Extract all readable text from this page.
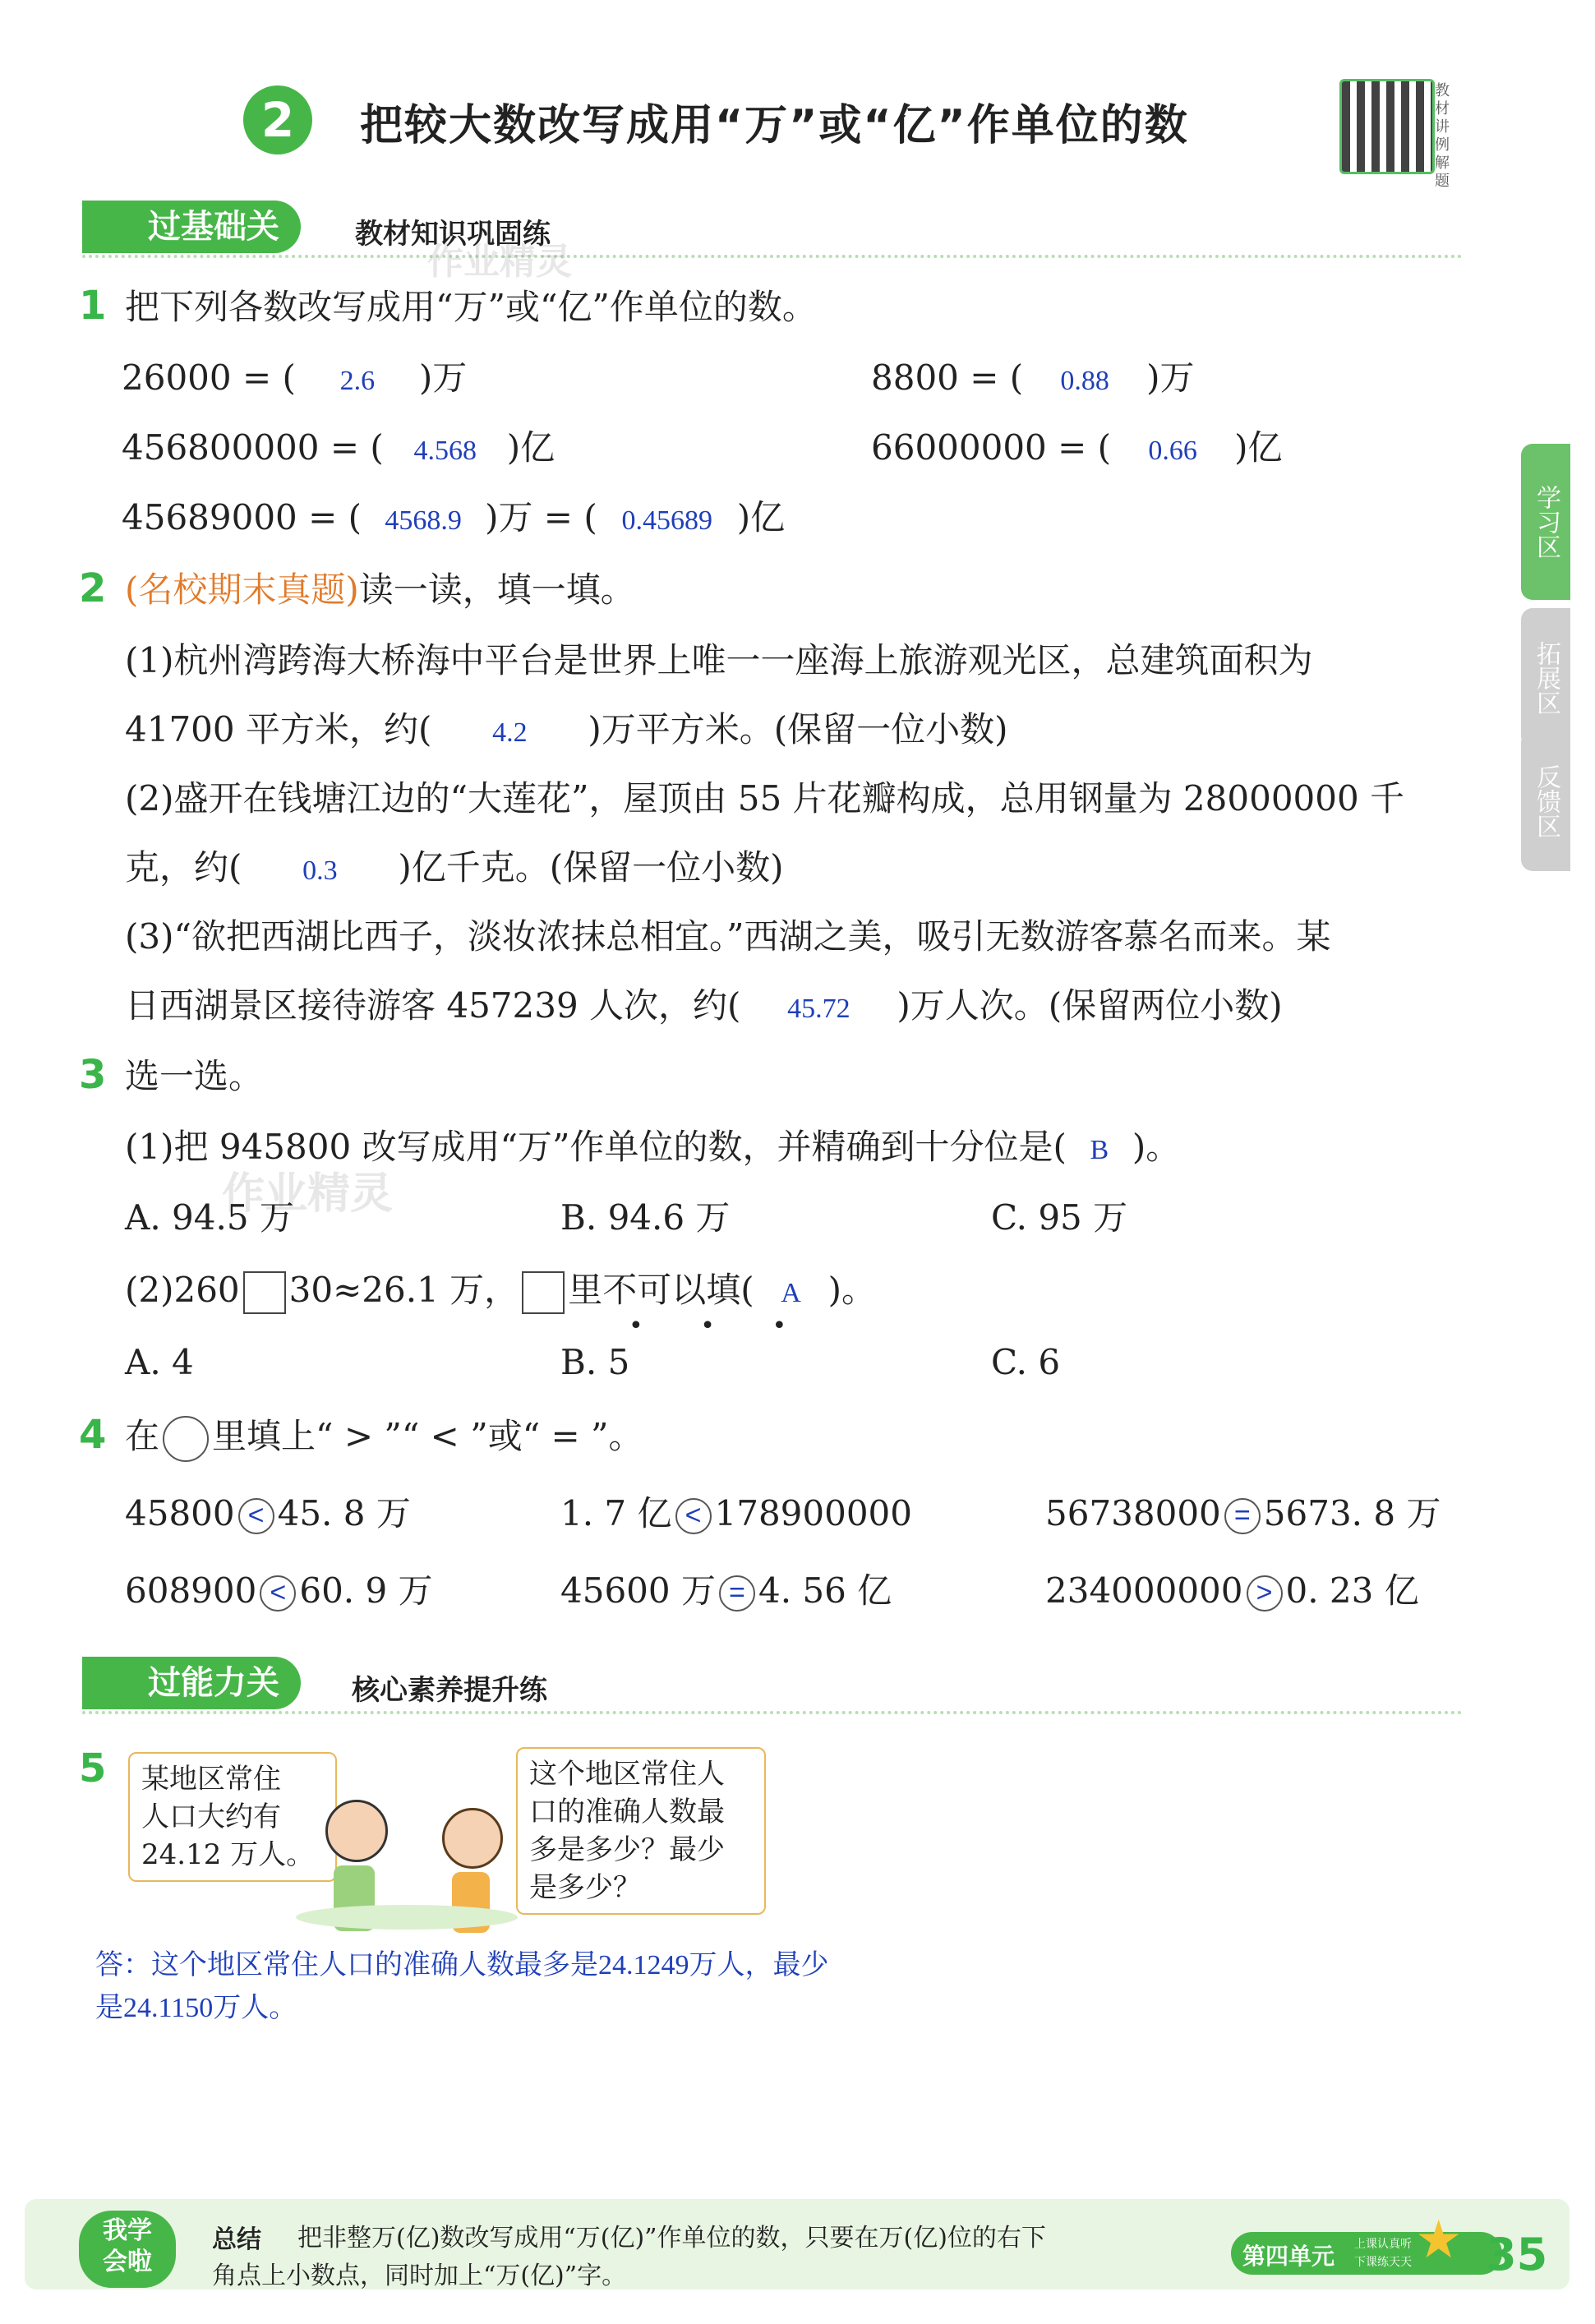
2	把较大数改写成用“万”或“亿”作单位的数
教材讲例解题
学习区
拓展区
反馈区
过基础关	教材知识巩固练
作业精灵
1 把下列各数改写成用“万”或“亿”作单位的数。
26000 = ( 2.6 )万	8800 = ( 0.88 )万
456800000 = ( 4.568 )亿	66000000 = ( 0.66 )亿
45689000 = ( 4568.9 )万 = ( 0.45689 )亿
2 (名校期末真题)读一读，填一填。
(1)杭州湾跨海大桥海中平台是世界上唯一一座海上旅游观光区，总建筑面积为
41700 平方米，约( 4.2 )万平方米。(保留一位小数)
(2)盛开在钱塘江边的“大莲花”，屋顶由 55 片花瓣构成，总用钢量为 28000000 千
克，约( 0.3 )亿千克。(保留一位小数)
(3)“欲把西湖比西子，淡妆浓抹总相宜。”西湖之美，吸引无数游客慕名而来。某
日西湖景区接待游客 457239 人次，约( 45.72 )万人次。(保留两位小数)
3 选一选。
(1)把 945800 改写成用“万”作单位的数，并精确到十分位是( B )。
作业精灵
A. 94.5 万	B. 94.6 万	C. 95 万
(2)260 30≈26.1 万， 里不可以填( A )。
• • •
A. 4	B. 5	C. 6
4 在 里填上“ > ”“ < ”或“ = ”。
45800 < 45. 8 万	1. 7 亿 < 178900000	56738000 = 5673. 8 万
608900 < 60. 9 万	45600 万 = 4. 56 亿	234000000 > 0. 23 亿
过能力关	核心素养提升练
5 某地区常住
人口大约有
24.12 万人。
这个地区常住人
口的准确人数最
多是多少？最少
是多少？
答：这个地区常住人口的准确人数最多是24.1249万人，最少
是24.1150万人。
我学
会啦
总结 把非整万(亿)数改写成用“万(亿)”作单位的数，只要在万(亿)位的右下
角点上小数点，同时加上“万(亿)”字。
第四单元 上课认真听
下课练天天 ★ 35
